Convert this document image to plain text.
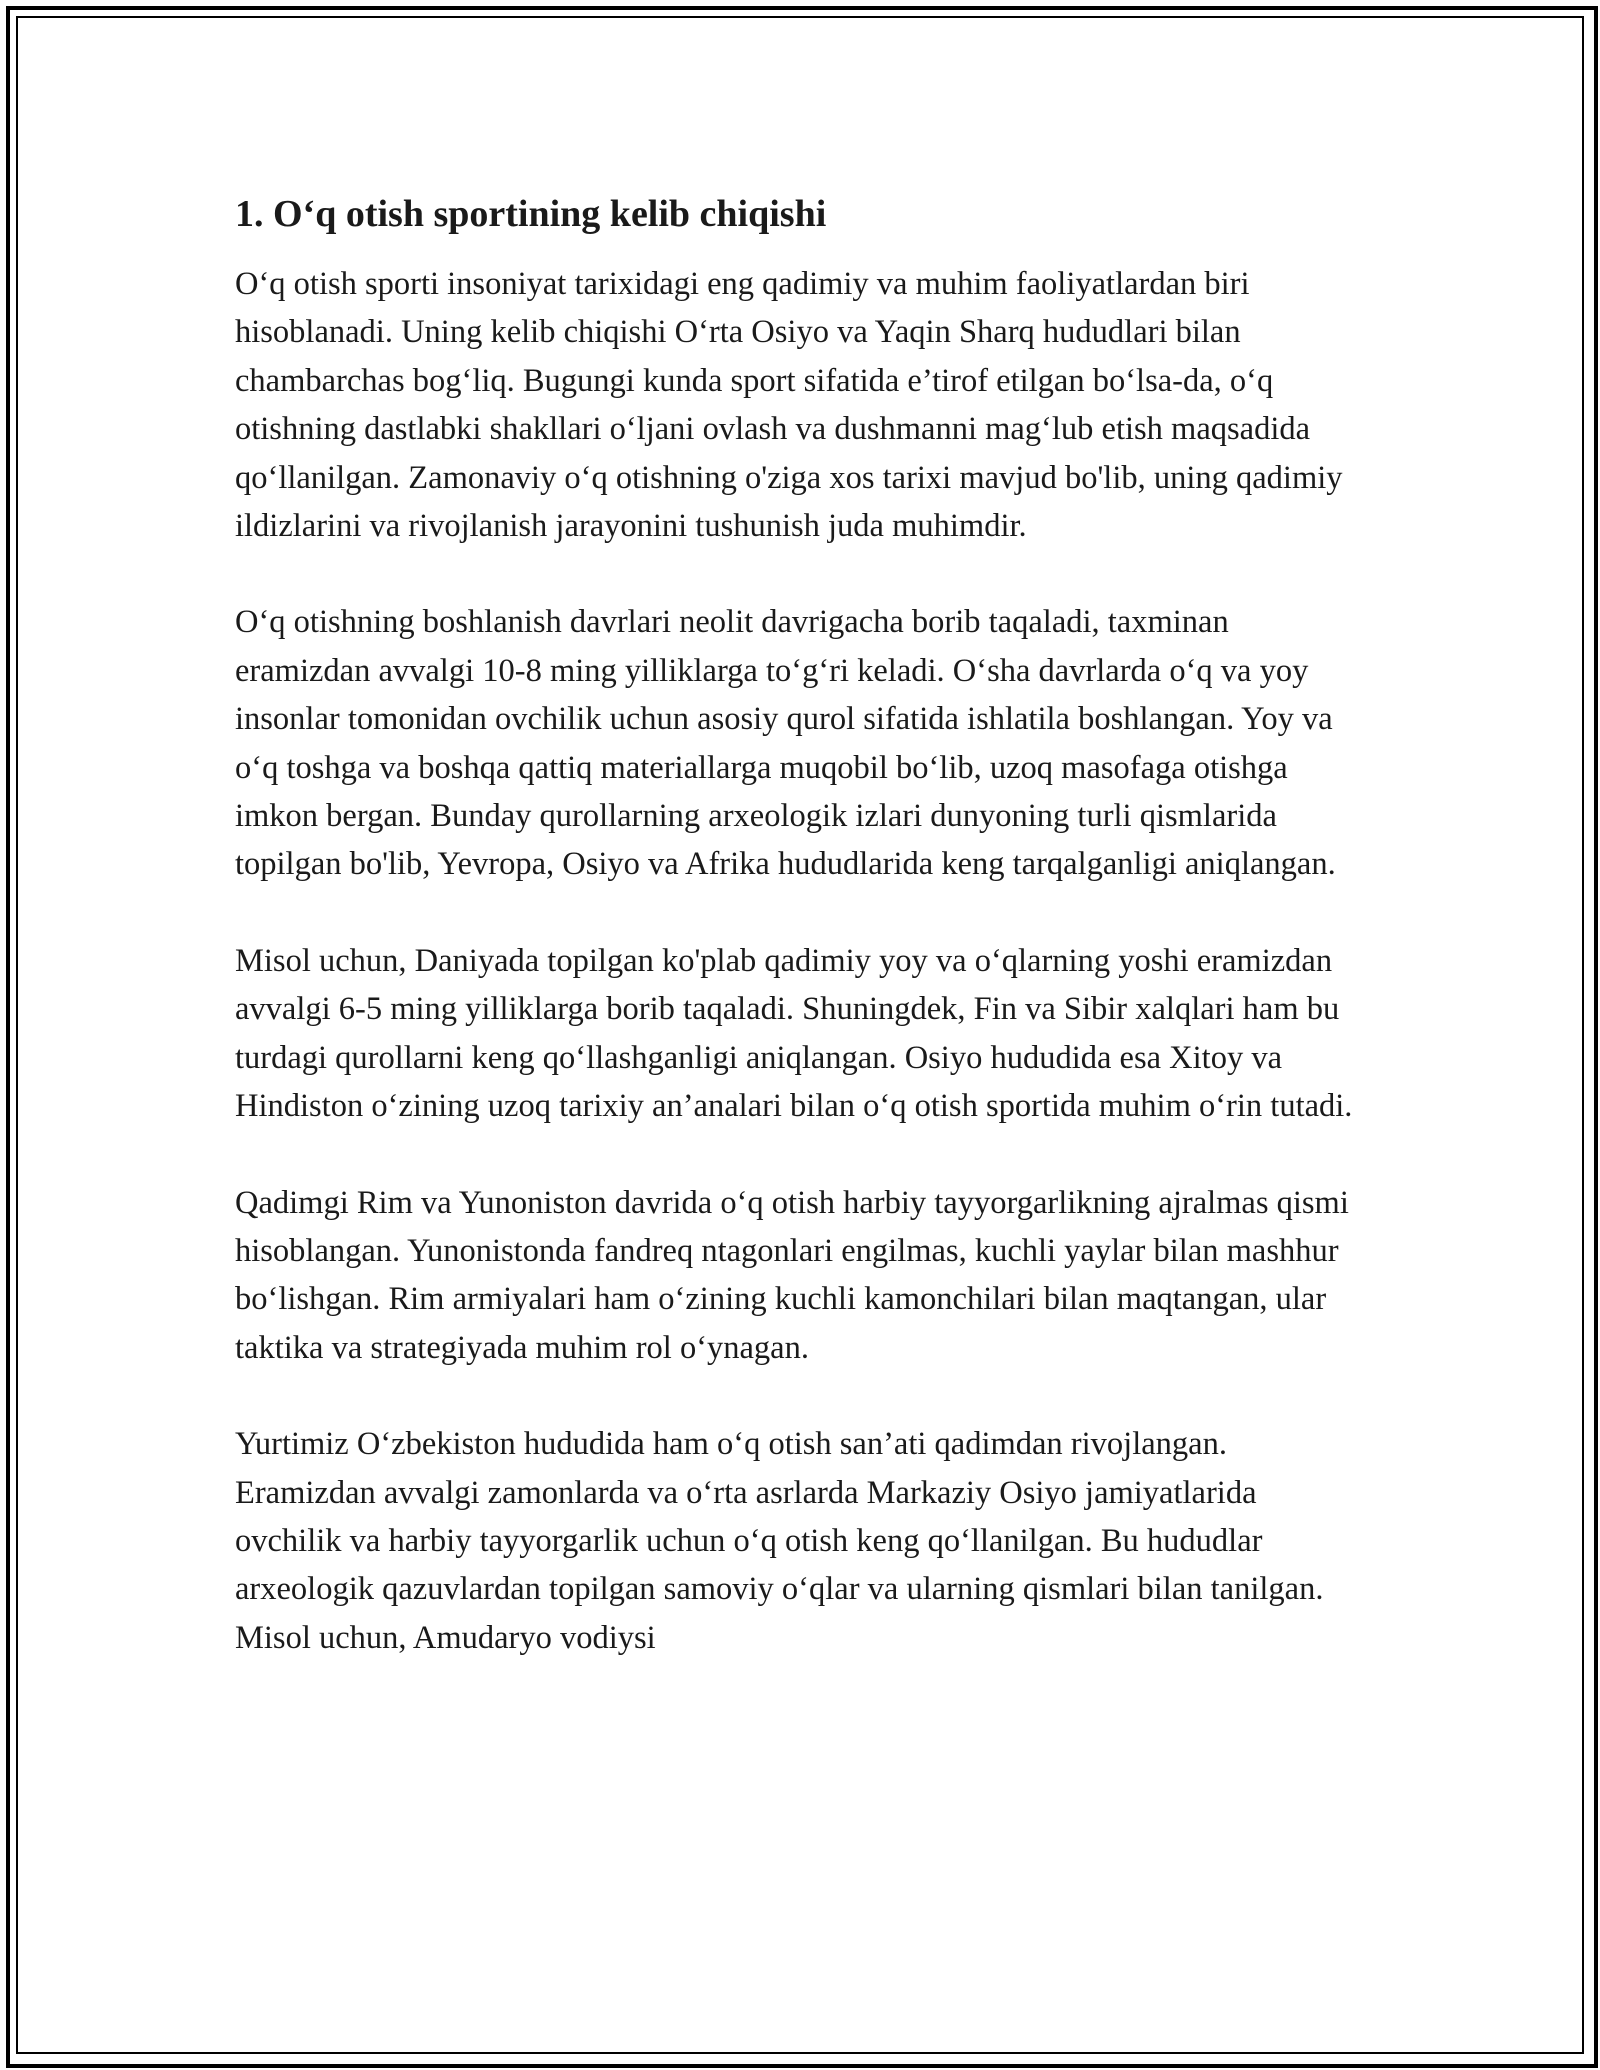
1. O‘q otish sportining kelib chiqishi

O‘q otish sporti insoniyat tarixidagi eng qadimiy va muhim faoliyatlardan biri hisoblanadi. Uning kelib chiqishi O‘rta Osiyo va Yaqin Sharq hududlari bilan chambarchas bog‘liq. Bugungi kunda sport sifatida e’tirof etilgan bo‘lsa-da, o‘q otishning dastlabki shakllari o‘ljani ovlash va dushmanni mag‘lub etish maqsadida qo‘llanilgan. Zamonaviy o‘q otishning o'ziga xos tarixi mavjud bo'lib, uning qadimiy ildizlarini va rivojlanish jarayonini tushunish juda muhimdir.

O‘q otishning boshlanish davrlari neolit davrigacha borib taqaladi, taxminan eramizdan avvalgi 10-8 ming yilliklarga to‘g‘ri keladi. O‘sha davrlarda o‘q va yoy insonlar tomonidan ovchilik uchun asosiy qurol sifatida ishlatila boshlangan. Yoy va o‘q toshga va boshqa qattiq materiallarga muqobil bo‘lib, uzoq masofaga otishga imkon bergan. Bunday qurollarning arxeologik izlari dunyoning turli qismlarida topilgan bo'lib, Yevropa, Osiyo va Afrika hududlarida keng tarqalganligi aniqlangan.

Misol uchun, Daniyada topilgan ko'plab qadimiy yoy va o‘qlarning yoshi eramizdan avvalgi 6-5 ming yilliklarga borib taqaladi. Shuningdek, Fin va Sibir xalqlari ham bu turdagi qurollarni keng qo‘llashganligi aniqlangan. Osiyo hududida esa Xitoy va Hindiston o‘zining uzoq tarixiy an’analari bilan o‘q otish sportida muhim o‘rin tutadi.

Qadimgi Rim va Yunoniston davrida o‘q otish harbiy tayyorgarlikning ajralmas qismi hisoblangan. Yunonistonda fandreq ntagonlari engilmas, kuchli yaylar bilan mashhur bo‘lishgan. Rim armiyalari ham o‘zining kuchli kamonchilari bilan maqtangan, ular taktika va strategiyada muhim rol o‘ynagan.

Yurtimiz O‘zbekiston hududida ham o‘q otish san’ati qadimdan rivojlangan. Eramizdan avvalgi zamonlarda va o‘rta asrlarda Markaziy Osiyo jamiyatlarida ovchilik va harbiy tayyorgarlik uchun o‘q otish keng qo‘llanilgan. Bu hududlar arxeologik qazuvlardan topilgan samoviy o‘qlar va ularning qismlari bilan tanilgan. Misol uchun, Amudaryo vodiysi
